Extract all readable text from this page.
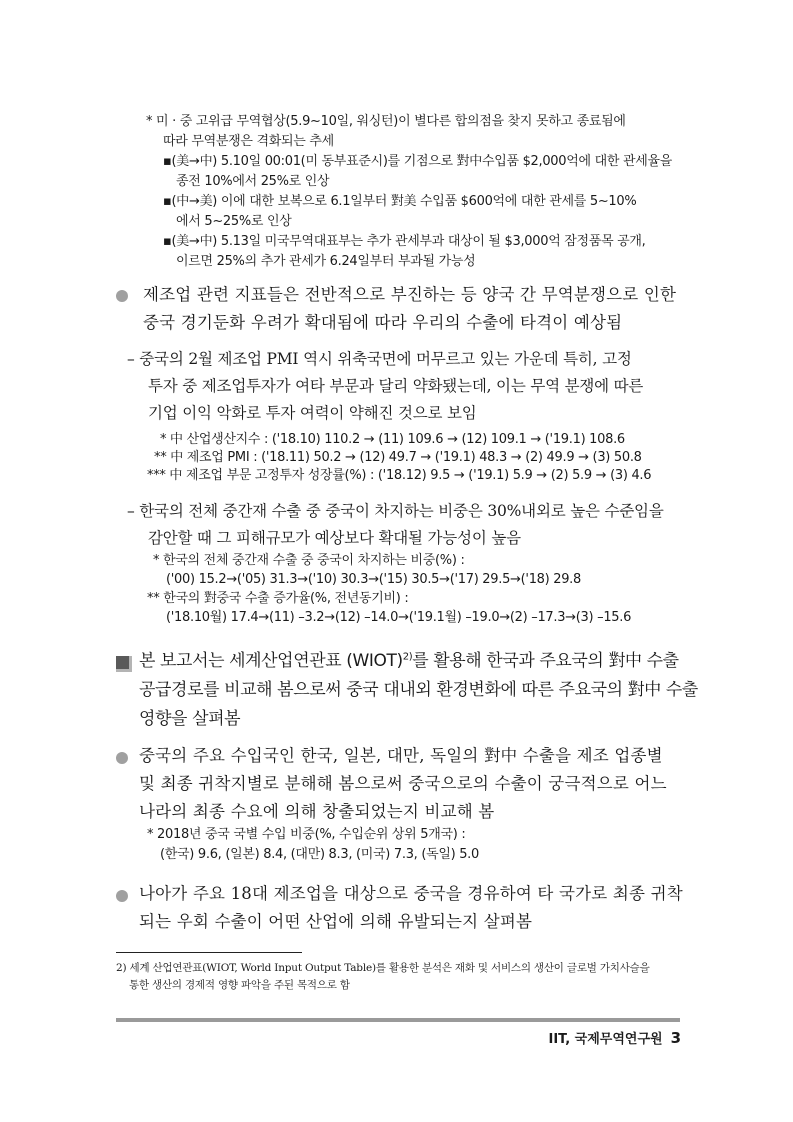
* 미 · 중 고위급 무역협상(5.9~10일, 워싱턴)이 별다른 합의점을 찾지 못하고 종료됨에
따라 무역분쟁은 격화되는 추세
▪(美→中) 5.10일 00:01(미 동부표준시)를 기점으로 對中수입품 $2,000억에 대한 관세율을
종전 10%에서 25%로 인상
▪(中→美) 이에 대한 보복으로 6.1일부터 對美 수입품 $600억에 대한 관세를 5~10%
에서 5~25%로 인상
▪(美→中) 5.13일 미국무역대표부는 추가 관세부과 대상이 될 $3,000억 잠정품목 공개,
이르면 25%의 추가 관세가 6.24일부터 부과될 가능성
제조업 관련 지표들은 전반적으로 부진하는 등 양국 간 무역분쟁으로 인한
중국 경기둔화 우려가 확대됨에 따라 우리의 수출에 타격이 예상됨
– 중국의 2월 제조업 PMI 역시 위축국면에 머무르고 있는 가운데 특히, 고정
투자 중 제조업투자가 여타 부문과 달리 약화됐는데, 이는 무역 분쟁에 따른
기업 이익 악화로 투자 여력이 약해진 것으로 보임
* 中 산업생산지수 : ('18.10) 110.2 → (11) 109.6 → (12) 109.1 → ('19.1) 108.6
** 中 제조업 PMI : ('18.11) 50.2 → (12) 49.7 → ('19.1) 48.3 → (2) 49.9 → (3) 50.8
*** 中 제조업 부문 고정투자 성장률(%) : ('18.12) 9.5 → ('19.1) 5.9 → (2) 5.9 → (3) 4.6
– 한국의 전체 중간재 수출 중 중국이 차지하는 비중은 30%내외로 높은 수준임을
감안할 때 그 피해규모가 예상보다 확대될 가능성이 높음
* 한국의 전체 중간재 수출 중 중국이 차지하는 비중(%) :
('00) 15.2→('05) 31.3→('10) 30.3→('15) 30.5→('17) 29.5→('18) 29.8
** 한국의 對중국 수출 증가율(%, 전년동기비) :
('18.10월) 17.4→(11) –3.2→(12) –14.0→('19.1월) –19.0→(2) –17.3→(3) –15.6
본 보고서는 세계산업연관표 (WIOT)$^{2)}$를 활용해 한국과 주요국의 對中 수출
공급경로를 비교해 봄으로써 중국 대내외 환경변화에 따른 주요국의 對中 수출
영향을 살펴봄
중국의 주요 수입국인 한국, 일본, 대만, 독일의 對中 수출을 제조 업종별
및 최종 귀착지별로 분해해 봄으로써 중국으로의 수출이 궁극적으로 어느
나라의 최종 수요에 의해 창출되었는지 비교해 봄
* 2018년 중국 국별 수입 비중(%, 수입순위 상위 5개국) :
(한국) 9.6, (일본) 8.4, (대만) 8.3, (미국) 7.3, (독일) 5.0
나아가 주요 18대 제조업을 대상으로 중국을 경유하여 타 국가로 최종 귀착
되는 우회 수출이 어떤 산업에 의해 유발되는지 살펴봄
2) 세계 산업연관표(WIOT, World Input Output Table)를 활용한 분석은 재화 및 서비스의 생산이 글로벌 가치사슬을
통한 생산의 경제적 영향 파악을 주된 목적으로 함
IIT, 국제무역연구원 3
